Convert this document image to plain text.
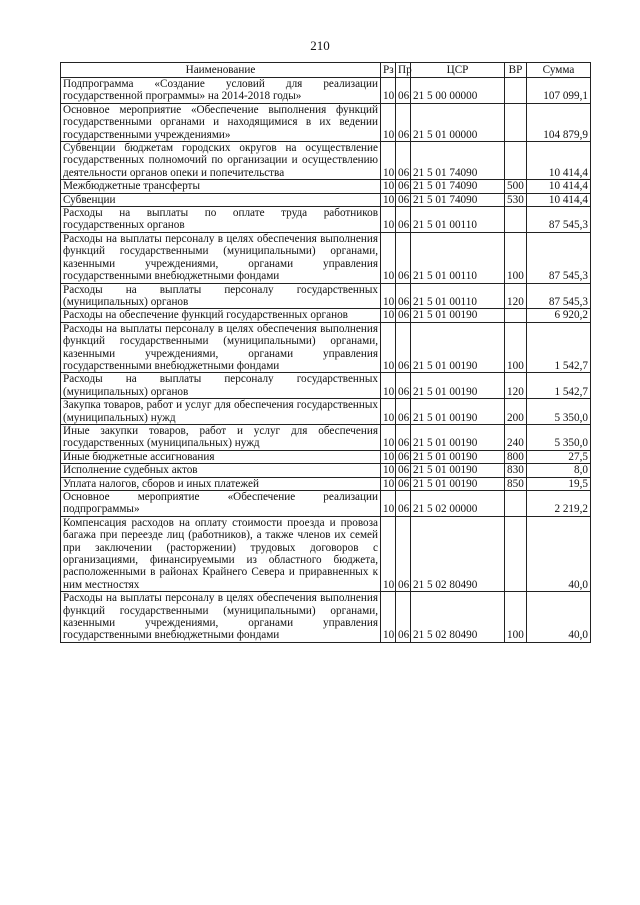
210
Наименование	Рз	Пр	ЦСР	ВР	Сумма
Подпрограмма «Создание условий для реализации государственной программы» на 2014-2018 годы»	10	06	21 5 00 00000		107 099,1
Основное мероприятие «Обеспечение выполнения функций государственными органами и находящимися в их ведении государственными учреждениями»	10	06	21 5 01 00000		104 879,9
Субвенции бюджетам городских округов на осуществление государственных полномочий по организации и осуществлению деятельности органов опеки и попечительства	10	06	21 5 01 74090		10 414,4
Межбюджетные трансферты	10	06	21 5 01 74090	500	10 414,4
Субвенции	10	06	21 5 01 74090	530	10 414,4
Расходы на выплаты по оплате труда работников государственных органов	10	06	21 5 01 00110		87 545,3
Расходы на выплаты персоналу в целях обеспечения выполнения функций государственными (муниципальными) органами, казенными учреждениями, органами управления государственными внебюджетными фондами	10	06	21 5 01 00110	100	87 545,3
Расходы на выплаты персоналу государственных (муниципальных) органов	10	06	21 5 01 00110	120	87 545,3
Расходы на обеспечение функций государственных органов	10	06	21 5 01 00190		6 920,2
Расходы на выплаты персоналу в целях обеспечения выполнения функций государственными (муниципальными) органами, казенными учреждениями, органами управления государственными внебюджетными фондами	10	06	21 5 01 00190	100	1 542,7
Расходы на выплаты персоналу государственных (муниципальных) органов	10	06	21 5 01 00190	120	1 542,7
Закупка товаров, работ и услуг для обеспечения государственных (муниципальных) нужд	10	06	21 5 01 00190	200	5 350,0
Иные закупки товаров, работ и услуг для обеспечения государственных (муниципальных) нужд	10	06	21 5 01 00190	240	5 350,0
Иные бюджетные ассигнования	10	06	21 5 01 00190	800	27,5
Исполнение судебных актов	10	06	21 5 01 00190	830	8,0
Уплата налогов, сборов и иных платежей	10	06	21 5 01 00190	850	19,5
Основное мероприятие «Обеспечение реализации подпрограммы»	10	06	21 5 02 00000		2 219,2
Компенсация расходов на оплату стоимости проезда и провоза багажа при переезде лиц (работников), а также членов их семей при заключении (расторжении) трудовых договоров с организациями, финансируемыми из областного бюджета, расположенными в районах Крайнего Севера и приравненных к ним местностях	10	06	21 5 02 80490		40,0
Расходы на выплаты персоналу в целях обеспечения выполнения функций государственными (муниципальными) органами, казенными учреждениями, органами управления государственными внебюджетными фондами	10	06	21 5 02 80490	100	40,0
